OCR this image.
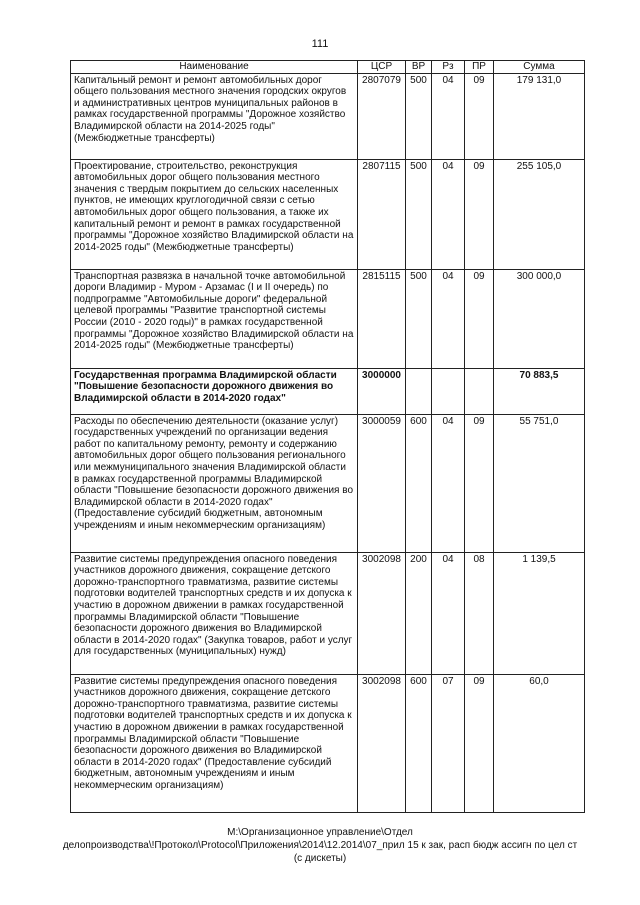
111
Наименование	ЦСР	ВР	Рз	ПР	Сумма
Капитальный ремонт и ремонт автомобильных дорог общего пользования местного значения городских округов и административных центров муниципальных районов в рамках государственной программы "Дорожное хозяйство Владимирской области на 2014-2025 годы" (Межбюджетные трансферты)	2807079	500	04	09	179 131,0
Проектирование, строительство, реконструкция автомобильных дорог общего пользования местного значения с твердым покрытием до сельских населенных пунктов, не имеющих круглогодичной связи с сетью автомобильных дорог общего пользования, а также их капитальный ремонт и ремонт в рамках государственной программы "Дорожное хозяйство Владимирской области на 2014-2025 годы" (Межбюджетные трансферты)	2807115	500	04	09	255 105,0
Транспортная развязка в начальной точке автомобильной дороги Владимир - Муром - Арзамас (I и II очередь) по подпрограмме "Автомобильные дороги" федеральной целевой программы "Развитие транспортной системы России (2010 - 2020 годы)" в рамках государственной программы "Дорожное хозяйство Владимирской области на 2014-2025 годы" (Межбюджетные трансферты)	2815115	500	04	09	300 000,0
Государственная программа Владимирской области "Повышение безопасности дорожного движения во Владимирской области в 2014-2020 годах"	3000000				70 883,5
Расходы по обеспечению деятельности (оказание услуг) государственных учреждений по организации ведения работ по капитальному ремонту, ремонту и содержанию автомобильных дорог общего пользования регионального или межмуниципального значения Владимирской области в рамках государственной программы Владимирской области "Повышение безопасности дорожного движения во Владимирской области в 2014-2020 годах" (Предоставление субсидий бюджетным, автономным учреждениям и иным некоммерческим организациям)	3000059	600	04	09	55 751,0
Развитие системы предупреждения опасного поведения участников дорожного движения, сокращение детского дорожно-транспортного травматизма, развитие системы подготовки водителей транспортных средств и их допуска к участию в дорожном движении в рамках государственной программы Владимирской области "Повышение безопасности дорожного движения во Владимирской области в 2014-2020 годах" (Закупка товаров, работ и услуг для государственных (муниципальных) нужд)	3002098	200	04	08	1 139,5
Развитие системы предупреждения опасного поведения участников дорожного движения, сокращение детского дорожно-транспортного травматизма, развитие системы подготовки водителей транспортных средств и их допуска к участию в дорожном движении в рамках государственной программы Владимирской области "Повышение безопасности дорожного движения во Владимирской области в 2014-2020 годах" (Предоставление субсидий бюджетным, автономным учреждениям и иным некоммерческим организациям)	3002098	600	07	09	60,0
M:\Организационное управление\Отдел
делопроизводства\!Протокол\Protocol\Приложения\2014\12.2014\07_прил 15 к зак, расп бюдж ассигн по цел ст
(с дискеты)
